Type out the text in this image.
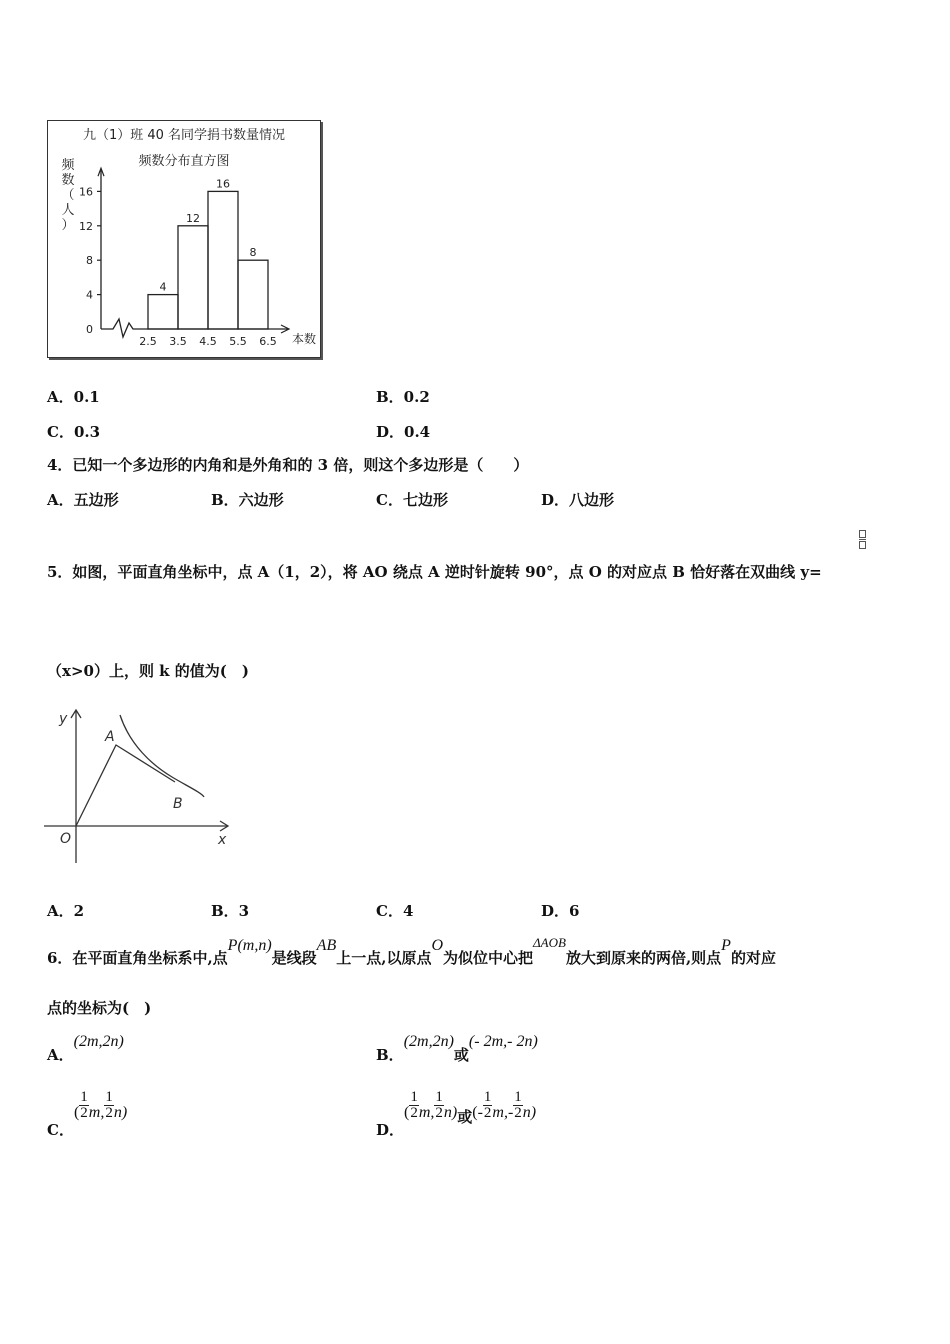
九（1）班 40 名同学捐书数量情况
频数分布直方图
频
数
（
人
）
0
4
8
12
16
本数
2.5 3.5 4.5 5.5 6.5
4
12
16
8
A．0.1	B．0.2
C．0.3	D．0.4
4．已知一个多边形的内角和是外角和的 3 倍，则这个多边形是（　　）
A．五边形	B．六边形	C．七边形	D．八边形
5．如图，平面直角坐标中，点 A（1，2），将 AO 绕点 A 逆时针旋转 90°，点 O 的对应点 B 恰好落在双曲线 y=
（x>0）上，则 k 的值为(　)
y
A
B
O	x
A．2	B．3	C．4	D．6
6．在平面直角坐标系中,点P(m,n)是线段AB上一点,以原点O为似位中心把ΔAOB放大到原来的两倍,则点P的对应
点的坐标为(　)
A．(2m,2n)
B．(2m,2n)或(- 2m,- 2n)
C．( $\frac{1}{2} m$, $\frac{1}{2} n$)
D．( $\frac{1}{2} m$, $\frac{1}{2} n$)或(- $\frac{1}{2} m,- \frac{1}{2} n$)
